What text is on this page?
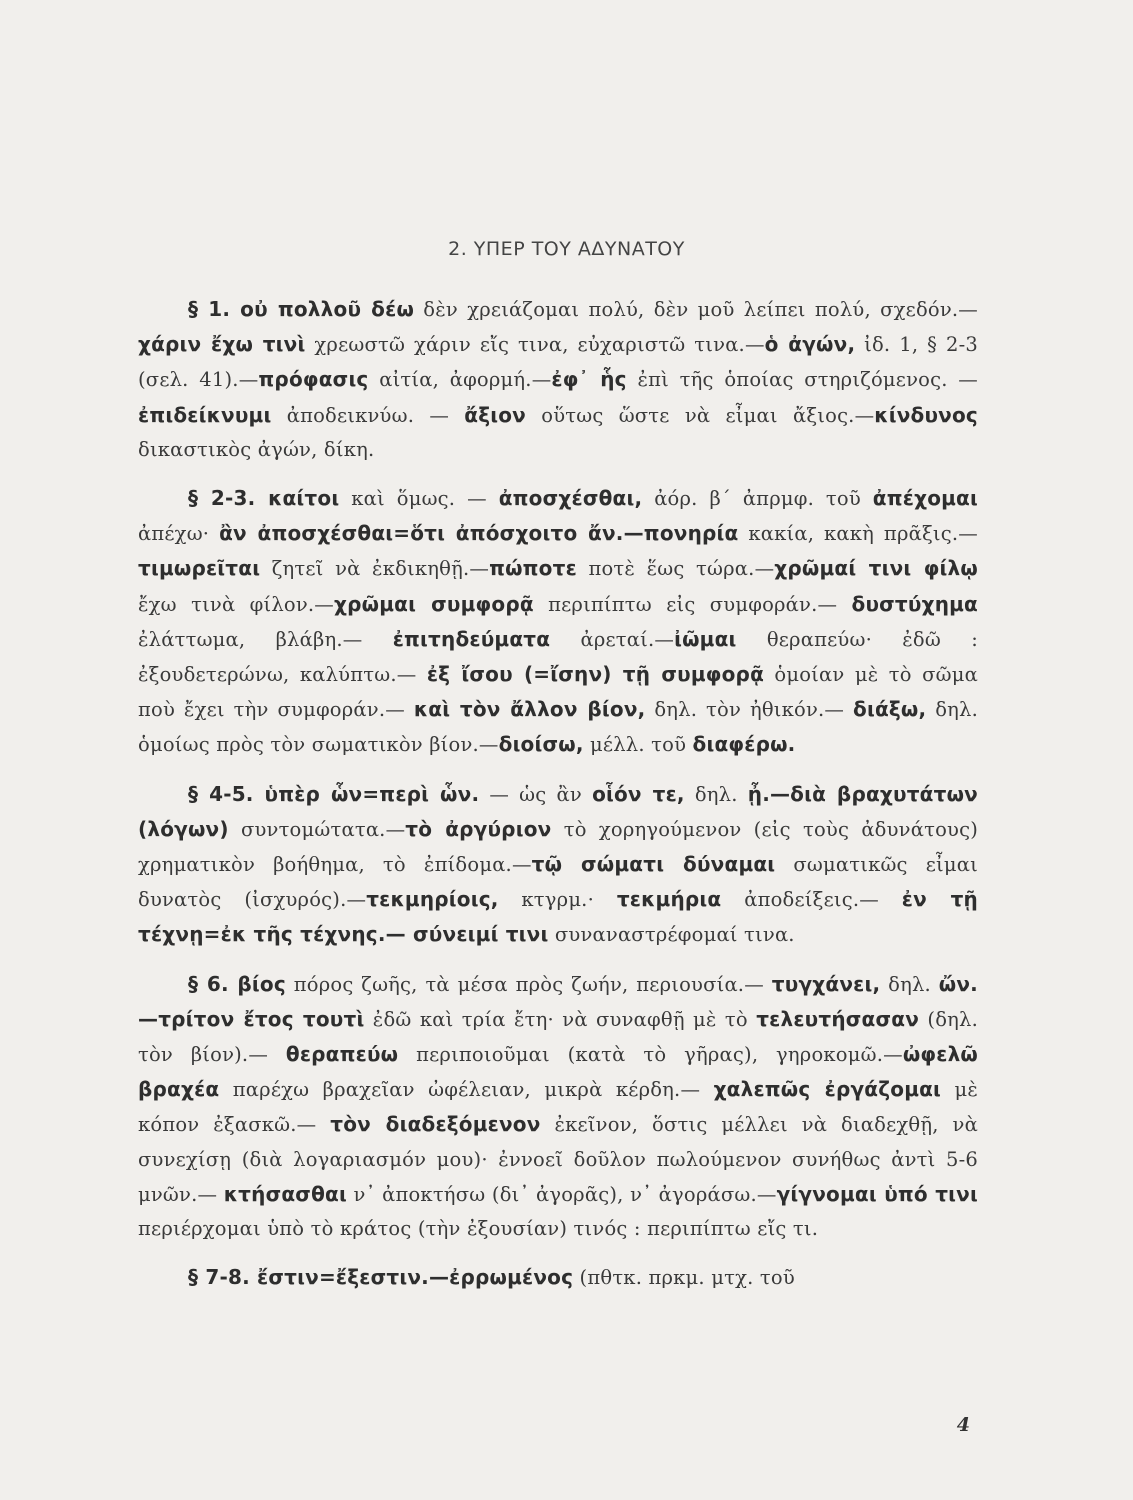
2. ΥΠΕΡ ΤΟΥ ΑΔΥΝΑΤΟΥ

§ 1. οὐ πολλοῦ δέω δὲν χρειάζομαι πολύ, δὲν μοῦ λείπει πολύ, σχεδόν.—χάριν ἔχω τινὶ χρεωστῶ χάριν εἴς τινα, εὐχαριστῶ τινα.—ὁ ἀγών, ἰδ. 1, § 2-3 (σελ. 41).—πρόφασις αἰτία, ἀφορμή.—ἐφ᾽ ἧς ἐπὶ τῆς ὁποίας στηριζόμενος. — ἐπιδείκνυμι ἀποδεικνύω. — ἄξιον οὕτως ὥστε νὰ εἶμαι ἄξιος.—κίνδυνος δικαστικὸς ἀγών, δίκη.

§ 2-3. καίτοι καὶ ὅμως. — ἀποσχέσθαι, ἀόρ. β΄ ἀπρμφ. τοῦ ἀπέχομαι ἀπέχω· ἂν ἀποσχέσθαι=ὅτι ἀπόσχοιτο ἄν.—πονηρία κακία, κακὴ πρᾶξις.—τιμωρεῖται ζητεῖ νὰ ἐκδικηθῇ.—πώποτε ποτὲ ἕως τώρα.—χρῶμαί τινι φίλῳ ἔχω τινὰ φίλον.—χρῶμαι συμφορᾷ περιπίπτω εἰς συμφοράν.— δυστύχημα ἐλάττωμα, βλάβη.— ἐπιτηδεύματα ἀρεταί.—ἰῶμαι θεραπεύω· ἐδῶ : ἐξουδετερώνω, καλύπτω.— ἐξ ἴσου (=ἴσην) τῇ συμφορᾷ ὁμοίαν μὲ τὸ σῶμα ποὺ ἔχει τὴν συμφοράν.— καὶ τὸν ἄλλον βίον, δηλ. τὸν ἠθικόν.— διάξω, δηλ. ὁμοίως πρὸς τὸν σωματικὸν βίον.—διοίσω, μέλλ. τοῦ διαφέρω.

§ 4-5. ὑπὲρ ὧν=περὶ ὧν. — ὡς ἂν οἷόν τε, δηλ. ᾖ.—διὰ βραχυτάτων (λόγων) συντομώτατα.—τὸ ἀργύριον τὸ χορηγούμενον (εἰς τοὺς ἀδυνάτους) χρηματικὸν βοήθημα, τὸ ἐπίδομα.—τῷ σώματι δύναμαι σωματικῶς εἶμαι δυνατὸς (ἰσχυρός).—τεκμηρίοις, κτγρμ.· τεκμήρια ἀποδείξεις.— ἐν τῇ τέχνῃ=ἐκ τῆς τέχνης.— σύνειμί τινι συναναστρέφομαί τινα.

§ 6. βίος πόρος ζωῆς, τὰ μέσα πρὸς ζωήν, περιουσία.— τυγχάνει, δηλ. ὤν.—τρίτον ἔτος τουτὶ ἐδῶ καὶ τρία ἔτη· νὰ συναφθῇ μὲ τὸ τελευτήσασαν (δηλ. τὸν βίον).— θεραπεύω περιποιοῦμαι (κατὰ τὸ γῆρας), γηροκομῶ.—ὠφελῶ βραχέα παρέχω βραχεῖαν ὠφέλειαν, μικρὰ κέρδη.— χαλεπῶς ἐργάζομαι μὲ κόπον ἐξασκῶ.— τὸν διαδεξόμενον ἐκεῖνον, ὅστις μέλλει νὰ διαδεχθῇ, νὰ συνεχίσῃ (διὰ λογαριασμόν μου)· ἐννοεῖ δοῦλον πωλούμενον συνήθως ἀντὶ 5-6 μνῶν.— κτήσασθαι ν᾽ ἀποκτήσω (δι᾽ ἀγορᾶς), ν᾽ ἀγοράσω.—γίγνομαι ὑπό τινι περιέρχομαι ὑπὸ τὸ κράτος (τὴν ἐξουσίαν) τινός : περιπίπτω εἴς τι.

§ 7-8. ἔστιν=ἔξεστιν.—ἐρρωμένος (πθτκ. πρκμ. μτχ. τοῦ

4
